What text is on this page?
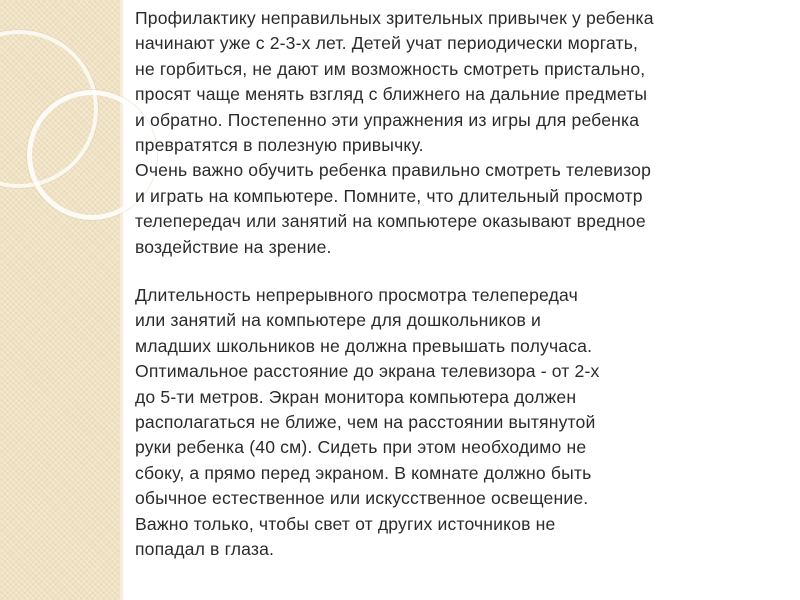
Профилактику неправильных зрительных привычек у ребенка
начинают уже с 2-3-х лет. Детей учат периодически моргать,
не горбиться, не дают им возможность смотреть пристально,
просят чаще менять взгляд с ближнего на дальние предметы
и обратно. Постепенно эти упражнения из игры для ребенка
превратятся в полезную привычку.
Очень важно обучить ребенка правильно смотреть телевизор
и играть на компьютере. Помните, что длительный просмотр
телепередач или занятий на компьютере оказывают вредное
воздействие на зрение.
Длительность непрерывного просмотра телепередач
или занятий на компьютере для дошкольников и
младших школьников не должна превышать получаса.
Оптимальное расстояние до экрана телевизора - от 2-х
до 5-ти метров. Экран монитора компьютера должен
располагаться не ближе, чем на расстоянии вытянутой
руки ребенка (40 см). Сидеть при этом необходимо не
сбоку, а прямо перед экраном. В комнате должно быть
обычное естественное или искусственное освещение.
Важно только, чтобы свет от других источников не
попадал в глаза.
